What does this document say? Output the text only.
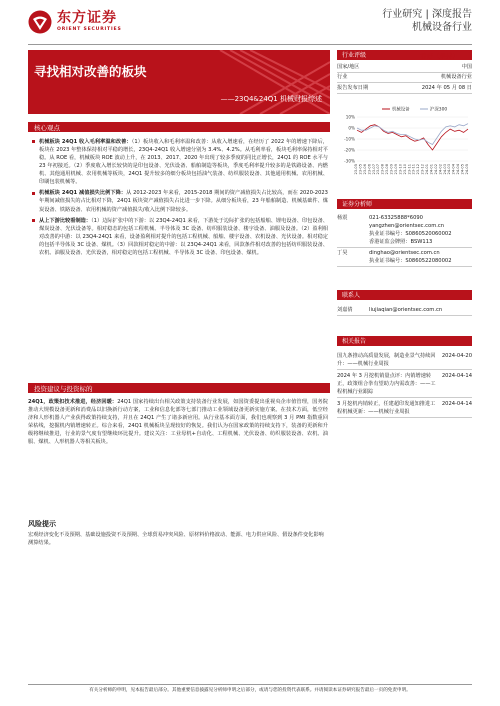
东方证券
ORIENT SECURITIES
行业研究 | 深度报告
机械设备行业
寻找相对改善的板块
——23Q4&24Q1 机械财报综述
核心观点
机械板块 24Q1 收入毛利率温和改善：（1）板块收入和毛利率温和改善：从收入增速看，在经历了 2022 年的增速下降后，板块在 2023 年整体保持相对平稳的增长，23Q4-24Q1 收入增速分别为 3.4%、4.2%。从毛利率看，板块毛利率保持相对平稳。从 ROE 看，机械板块 ROE 波动上升，在 2013、2017、2020 年出现了较多季度的同比正增长，24Q1 的 ROE 水平与 23 年初接近。（2）季度收入增长较快的是印包设备、光伏设备、船舶制造等板块，季度毛利率提升较多的是铁路设备、内燃机、其他通用机械、农用机械等板块，24Q1 提升较多的细分板块包括油气装备、纺织服装设备、其他通用机械、农用机械、印刷包装机械等。
机械板块 24Q1 减值损失比例下降：从 2012-2023 年来看，2015-2018 期间的资产减值损失占比较高，而在 2020-2023 年期间减值损失的占比相对下降，24Q1 板块资产减值损失占比进一步下降。从细分板块看，23 年船舶制造、机械基础件、煤炭设备、铁路设备、农用机械的资产减值损失/收入比例下降较多。
从上下游比较看制造：（1）边际扩张中的下游：以 23Q4-24Q1 来看，下游处于边际扩张的包括船舶、锂电设备、印包设备、煤炭设备、光伏设备等。相对稳态的包括工程机械、半导体及 3C 设备、纺织服装设备、楼宇设备、油服及设备。（2）盈利相对改善的中游：以 23Q4-24Q1 来看，设备盈利相对提升的包括工程机械、船舶、楼宇设备、农机设备、光伏设备。相对稳定的包括半导体及 3C 设备、煤机。（3）回款相对稳定的中游：以 23Q4-24Q1 来看，回款条件相对改善的包括纺织服装设备、农机、油服及设备、光伏设备，相对稳定的包括工程机械、半导体及 3C 设备、印包设备、煤机。
投资建议与投资标的
24Q1，政策扣技术推进，经济回暖：24Q1 国家持续出台相关政策支持装备行业发展，如国资委提出重视央企市值管理，国务院推动大规模设备更新和消费品以旧换新行动方案，工业和信息化部等七部门推动工业领域设备更新实施方案。在技术方面，低空经济和人形机器人产业获得政策持续支持，并且在 24Q1 产生了诸多新应用。从行业基本面方面，我们也观察到 3 月 PMI 指数重回荣枯线，挖掘机内销增速转正。综合来看，24Q1 机械板块呈现较好的恢复。我们认为在国家政策的持续支持下，装备的更新和升级将继续推进，行业的景气度有望继续环比提升。建议关注：工业母机+自动化、工程机械、光伏设备、纺织服装设备、农机、油服、煤机、人形机器人等相关板块。
风险提示
宏观经济变化不及预期、基础设施投资不及预期、全球贸易冲突风险、原材料价格波动、能源、电力供应风险、假设条件变化影响测算结果。
行业评级	看好（维持）
国家/地区	中国
行业	机械设备行业
报告发布日期	2024 年 05 月 08 日
10%
0%
-10%
-20%
-30%
23-05 23-05 23-06 23-06 23-07 23-07 23-08 23-08 23-09 23-09 23-10 23-10 23-11 23-11 23-12 23-12 24-01 24-01 24-02 24-02 24-03 24-03 24-04 24-04 24-05 24-05
机械设备	沪深300
证券分析师
杨震	021-63325888*6090
yangzhen@orientsec.com.cn
执业证书编号：S0860520060002
香港证监会牌照：BSW113
丁昊	dinghao@orientsec.com.cn
执业证书编号：S0860522080002
联系人
刘嘉倩	liujiaqian@orientsec.com.cn
相关报告
国九条推动高质量发展，制造业景气持续回升：——机械行业周报
2024-04-20
2024 年 3 月挖机销量点评：内销增速转正，政策组合拳有望助力内需改善：——工程机械行业跟踪
2024-04-14
3 月挖机内销转正，任建超印发通知推进工程机械更新：——机械行业周报
2024-04-14
有关分析师的申明，见本报告最后部分。其他重要信息披露见分析师申明之后部分，或请与您的投资代表联系。并请阅读本证券研究报告最后一页的免责申明。
